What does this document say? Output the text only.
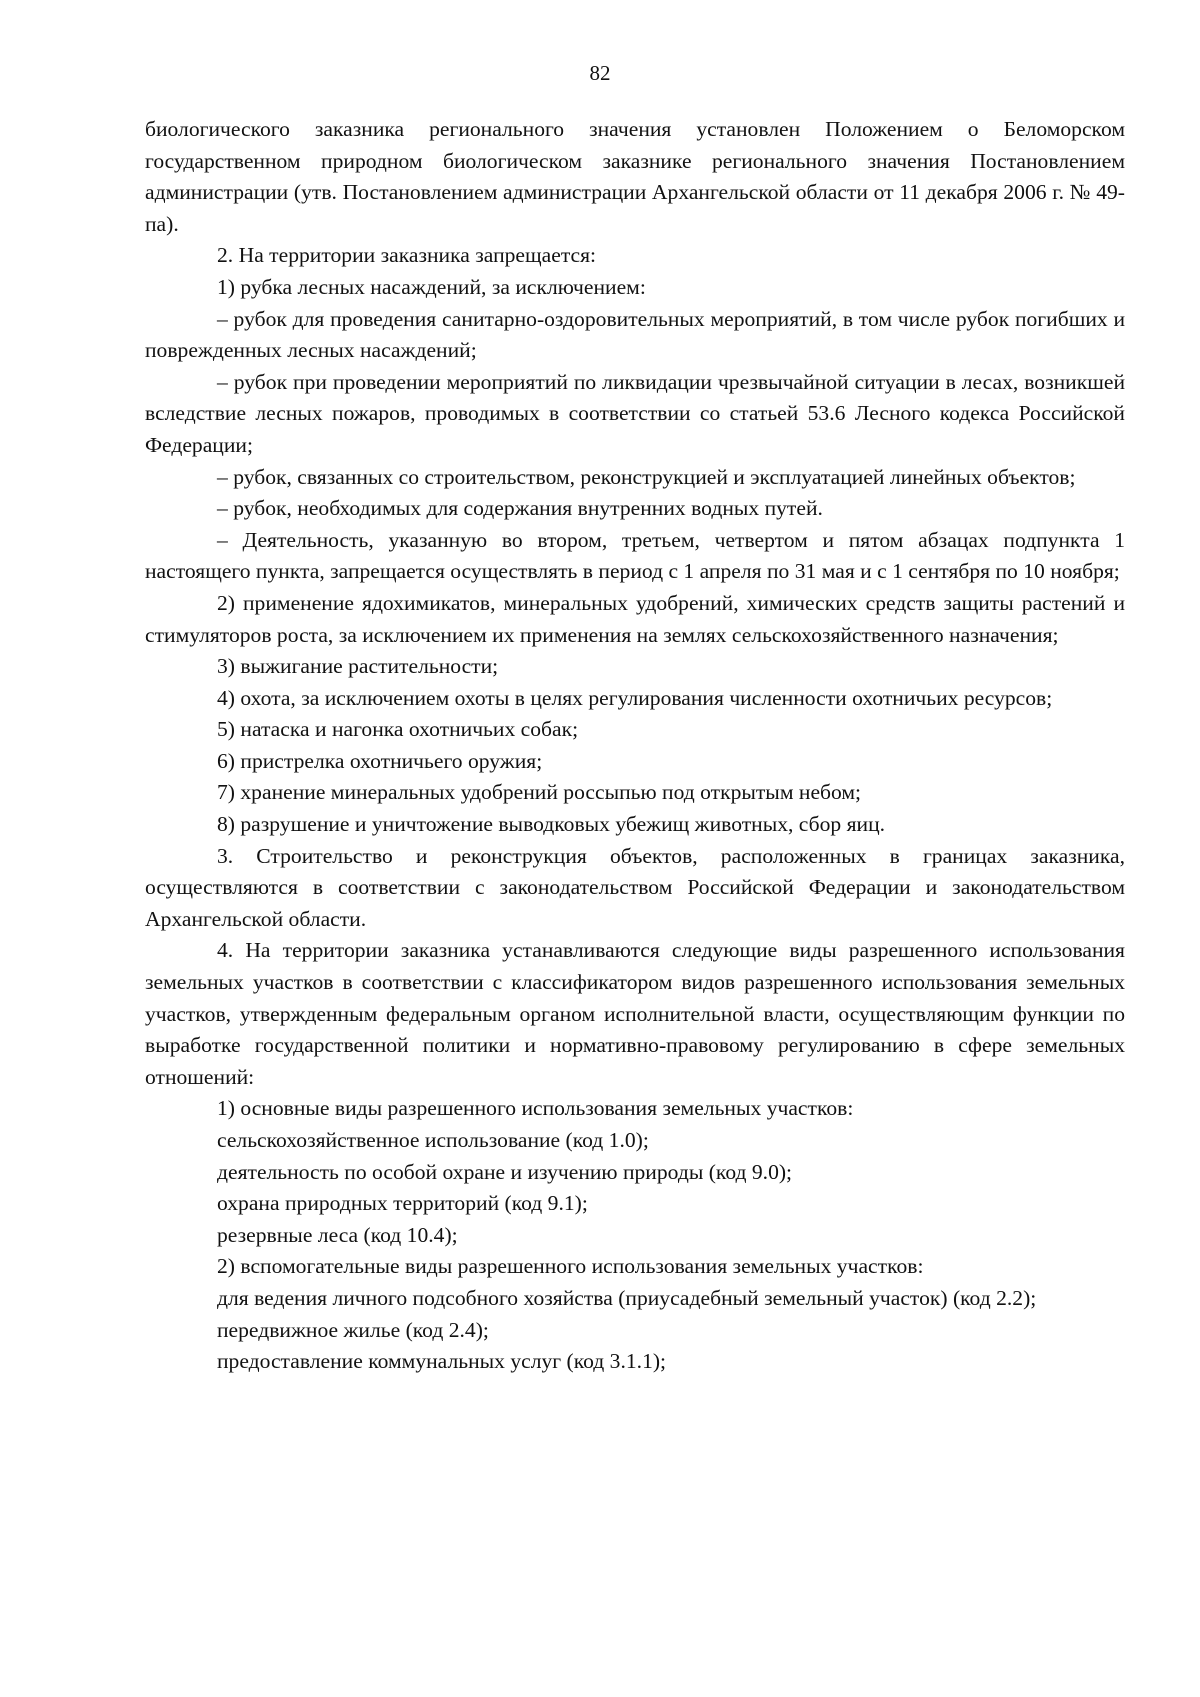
82

биологического заказника регионального значения установлен Положением о Беломорском государственном природном биологическом заказнике регионального значения Постановлением администрации (утв. Постановлением администрации Архангельской области от 11 декабря 2006 г. № 49-па).

2. На территории заказника запрещается:

1) рубка лесных насаждений, за исключением:

– рубок для проведения санитарно-оздоровительных мероприятий, в том числе рубок погибших и поврежденных лесных насаждений;

– рубок при проведении мероприятий по ликвидации чрезвычайной ситуации в лесах, возникшей вследствие лесных пожаров, проводимых в соответствии со статьей 53.6 Лесного кодекса Российской Федерации;

– рубок, связанных со строительством, реконструкцией и эксплуатацией линейных объектов;

– рубок, необходимых для содержания внутренних водных путей.

– Деятельность, указанную во втором, третьем, четвертом и пятом абзацах подпункта 1 настоящего пункта, запрещается осуществлять в период с 1 апреля по 31 мая и с 1 сентября по 10 ноября;

2) применение ядохимикатов, минеральных удобрений, химических средств защиты растений и стимуляторов роста, за исключением их применения на землях сельскохозяйственного назначения;

3) выжигание растительности;

4) охота, за исключением охоты в целях регулирования численности охотничьих ресурсов;

5) натаска и нагонка охотничьих собак;

6) пристрелка охотничьего оружия;

7) хранение минеральных удобрений россыпью под открытым небом;

8) разрушение и уничтожение выводковых убежищ животных, сбор яиц.

3. Строительство и реконструкция объектов, расположенных в границах заказника, осуществляются в соответствии с законодательством Российской Федерации и законодательством Архангельской области.

4. На территории заказника устанавливаются следующие виды разрешенного использования земельных участков в соответствии с классификатором видов разрешенного использования земельных участков, утвержденным федеральным органом исполнительной власти, осуществляющим функции по выработке государственной политики и нормативно-правовому регулированию в сфере земельных отношений:

1) основные виды разрешенного использования земельных участков:

сельскохозяйственное использование (код 1.0);

деятельность по особой охране и изучению природы (код 9.0);

охрана природных территорий (код 9.1);

резервные леса (код 10.4);

2) вспомогательные виды разрешенного использования земельных участков:

для ведения личного подсобного хозяйства (приусадебный земельный участок) (код 2.2);

передвижное жилье (код 2.4);

предоставление коммунальных услуг (код 3.1.1);
